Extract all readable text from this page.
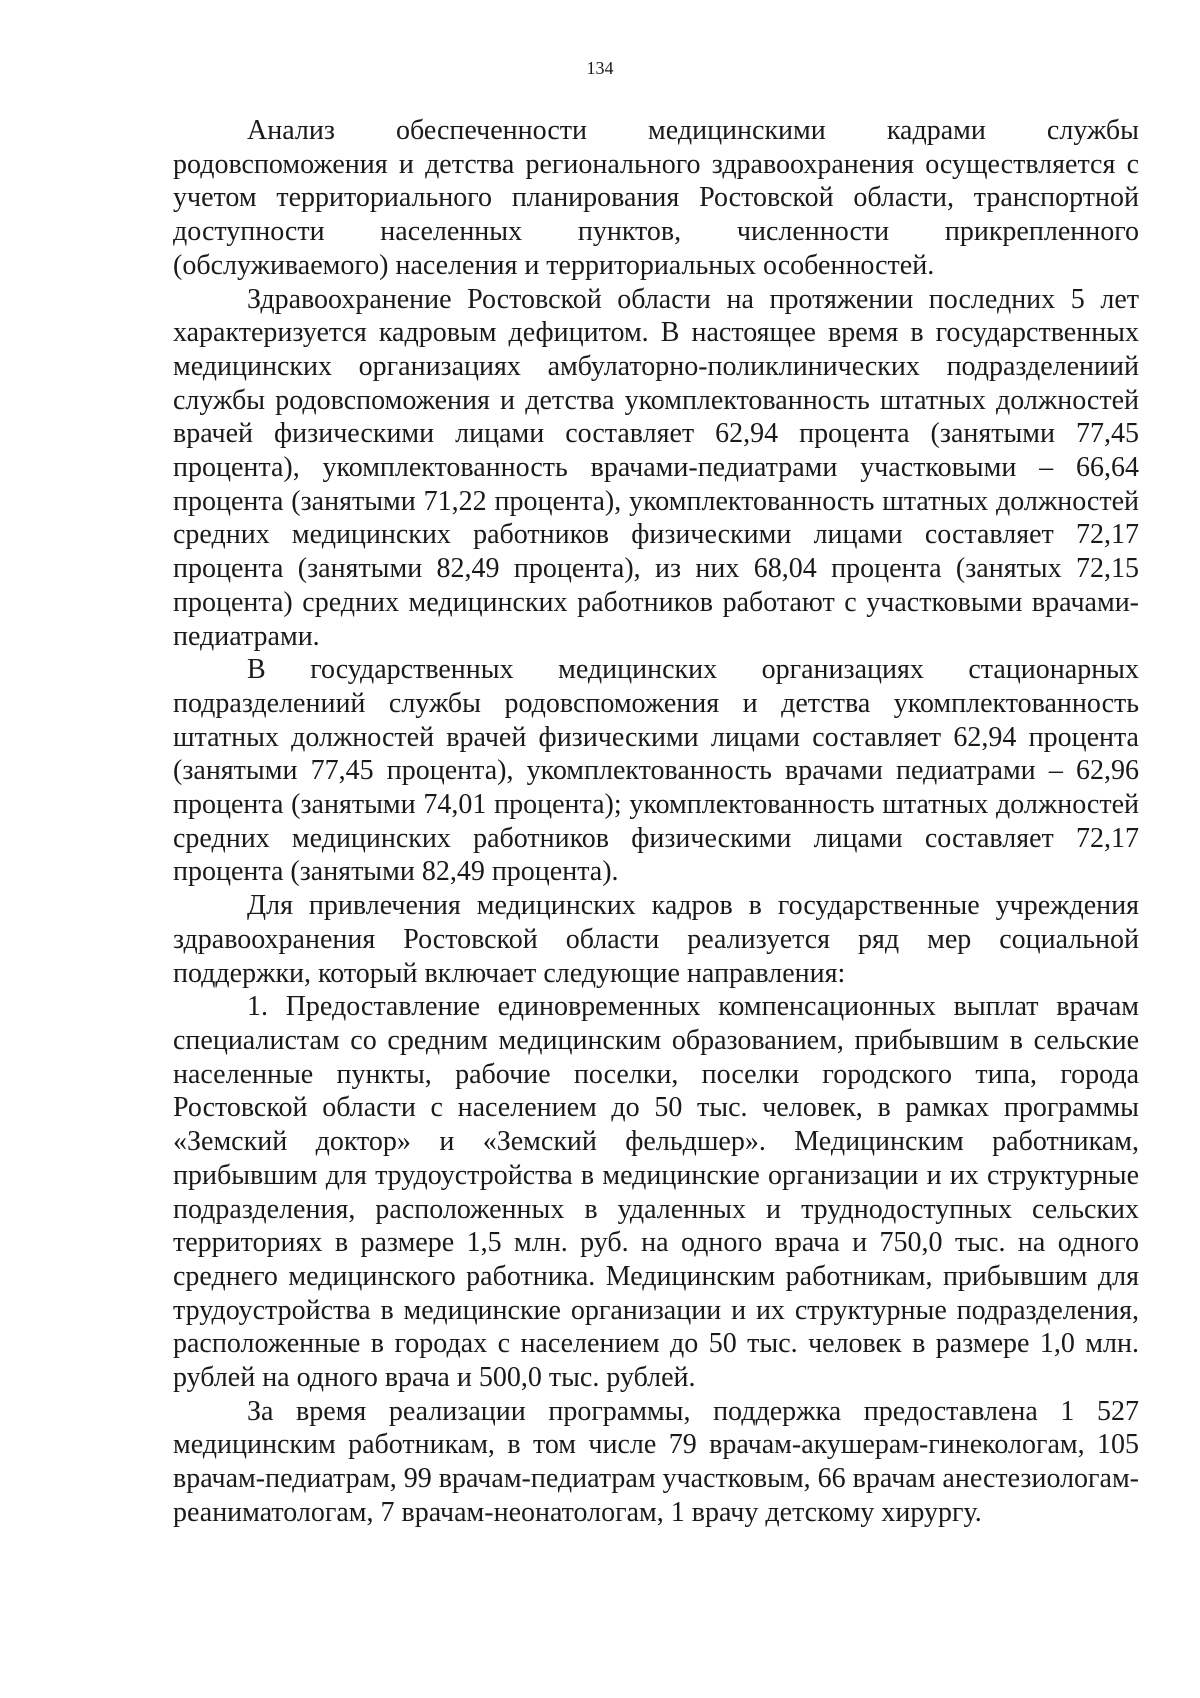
134

Анализ обеспеченности медицинскими кадрами службы родовспоможения и детства регионального здравоохранения осуществляется с учетом территориального планирования Ростовской области, транспортной доступности населенных пунктов, численности прикрепленного (обслуживаемого) населения и территориальных особенностей.

Здравоохранение Ростовской области на протяжении последних 5 лет характеризуется кадровым дефицитом. В настоящее время в государственных медицинских организациях амбулаторно-поликлинических подразделениий службы родовспоможения и детства укомплектованность штатных должностей врачей физическими лицами составляет 62,94 процента (занятыми 77,45 процента), укомплектованность врачами-педиатрами участковыми – 66,64 процента (занятыми 71,22 процента), укомплектованность штатных должностей средних медицинских работников физическими лицами составляет 72,17 процента (занятыми 82,49 процента), из них 68,04 процента (занятых 72,15 процента) средних медицинских работников работают с участковыми врачами-педиатрами.

В государственных медицинских организациях стационарных подразделениий службы родовспоможения и детства укомплектованность штатных должностей врачей физическими лицами составляет 62,94 процента (занятыми 77,45 процента), укомплектованность врачами педиатрами – 62,96 процента (занятыми 74,01 процента); укомплектованность штатных должностей средних медицинских работников физическими лицами составляет 72,17 процента (занятыми 82,49 процента).

Для привлечения медицинских кадров в государственные учреждения здравоохранения Ростовской области реализуется ряд мер социальной поддержки, который включает следующие направления:

1. Предоставление единовременных компенсационных выплат врачам специалистам со средним медицинским образованием, прибывшим в сельские населенные пункты, рабочие поселки, поселки городского типа, города Ростовской области с населением до 50 тыс. человек, в рамках программы «Земский доктор» и «Земский фельдшер». Медицинским работникам, прибывшим для трудоустройства в медицинские организации и их структурные подразделения, расположенных в удаленных и труднодоступных сельских территориях в размере 1,5 млн. руб. на одного врача и 750,0 тыс. на одного среднего медицинского работника. Медицинским работникам, прибывшим для трудоустройства в медицинские организации и их структурные подразделения, расположенные в городах с населением до 50 тыс. человек в размере 1,0 млн. рублей на одного врача и 500,0 тыс. рублей.

За время реализации программы, поддержка предоставлена 1 527 медицинским работникам, в том числе 79 врачам-акушерам-гинекологам, 105 врачам-педиатрам, 99 врачам-педиатрам участковым, 66 врачам анестезиологам-реаниматологам, 7 врачам-неонатологам, 1 врачу детскому хирургу.
